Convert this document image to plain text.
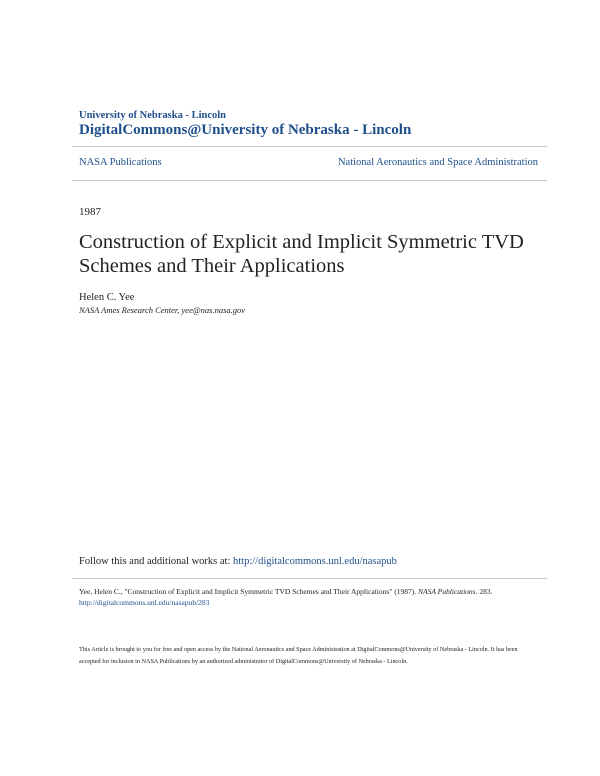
University of Nebraska - Lincoln
DigitalCommons@University of Nebraska - Lincoln
NASA Publications	National Aeronautics and Space Administration
1987
Construction of Explicit and Implicit Symmetric TVD Schemes and Their Applications
Helen C. Yee
NASA Ames Research Center, yee@nas.nasa.gov
Follow this and additional works at: http://digitalcommons.unl.edu/nasapub
Yee, Helen C., "Construction of Explicit and Implicit Symmetric TVD Schemes and Their Applications" (1987). NASA Publications. 283.
http://digitalcommons.unl.edu/nasapub/283
This Article is brought to you for free and open access by the National Aeronautics and Space Administration at DigitalCommons@University of Nebraska - Lincoln. It has been accepted for inclusion in NASA Publications by an authorized administrator of DigitalCommons@University of Nebraska - Lincoln.
